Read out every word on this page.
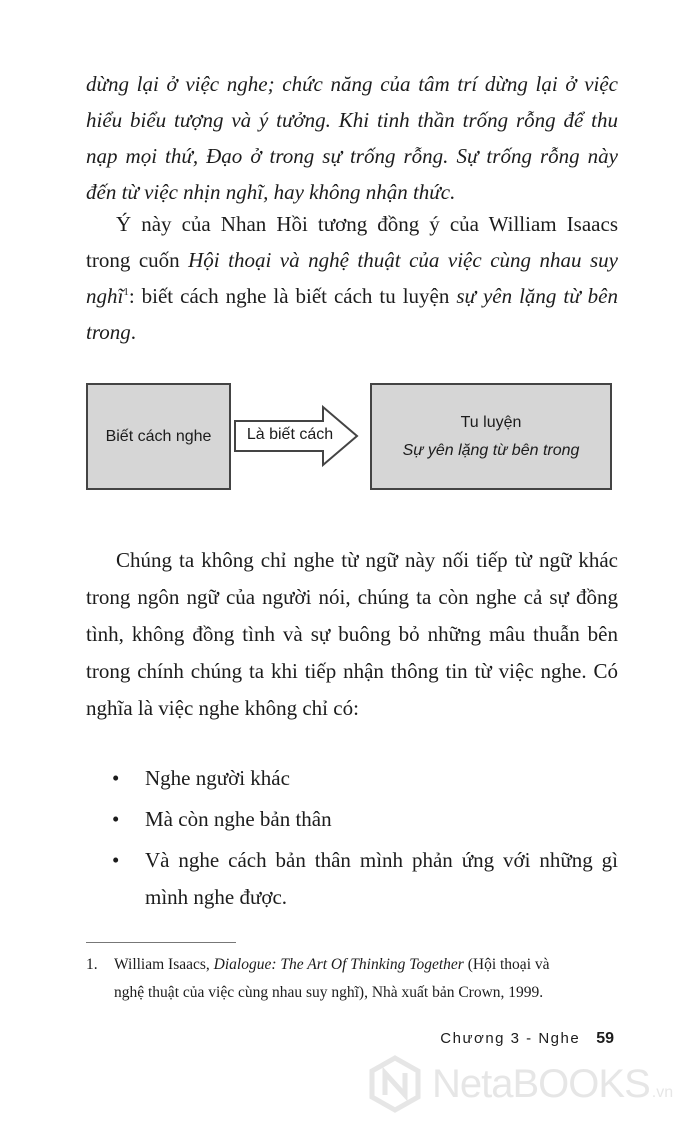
dừng lại ở việc nghe; chức năng của tâm trí dừng lại ở việc hiểu biểu tượng và ý tưởng. Khi tinh thần trống rỗng để thu nạp mọi thứ, Đạo ở trong sự trống rỗng. Sự trống rỗng này đến từ việc nhịn nghĩ, hay không nhận thức.

Ý này của Nhan Hồi tương đồng ý của William Isaacs trong cuốn Hội thoại và nghệ thuật của việc cùng nhau suy nghĩ$^1$: biết cách nghe là biết cách tu luyện sự yên lặng từ bên trong.

Biết cách nghe	Là biết cách
Tu luyện
Sự yên lặng từ bên trong

Chúng ta không chỉ nghe từ ngữ này nối tiếp từ ngữ khác trong ngôn ngữ của người nói, chúng ta còn nghe cả sự đồng tình, không đồng tình và sự buông bỏ những mâu thuẫn bên trong chính chúng ta khi tiếp nhận thông tin từ việc nghe. Có nghĩa là việc nghe không chỉ có:

• Nghe người khác
• Mà còn nghe bản thân
• Và nghe cách bản thân mình phản ứng với những gì mình nghe được.

1. William Isaacs, Dialogue: The Art Of Thinking Together (Hội thoại và
nghệ thuật của việc cùng nhau suy nghĩ), Nhà xuất bản Crown, 1999.

Chương 3 - Nghe 59
NetaBOOKS .vn
